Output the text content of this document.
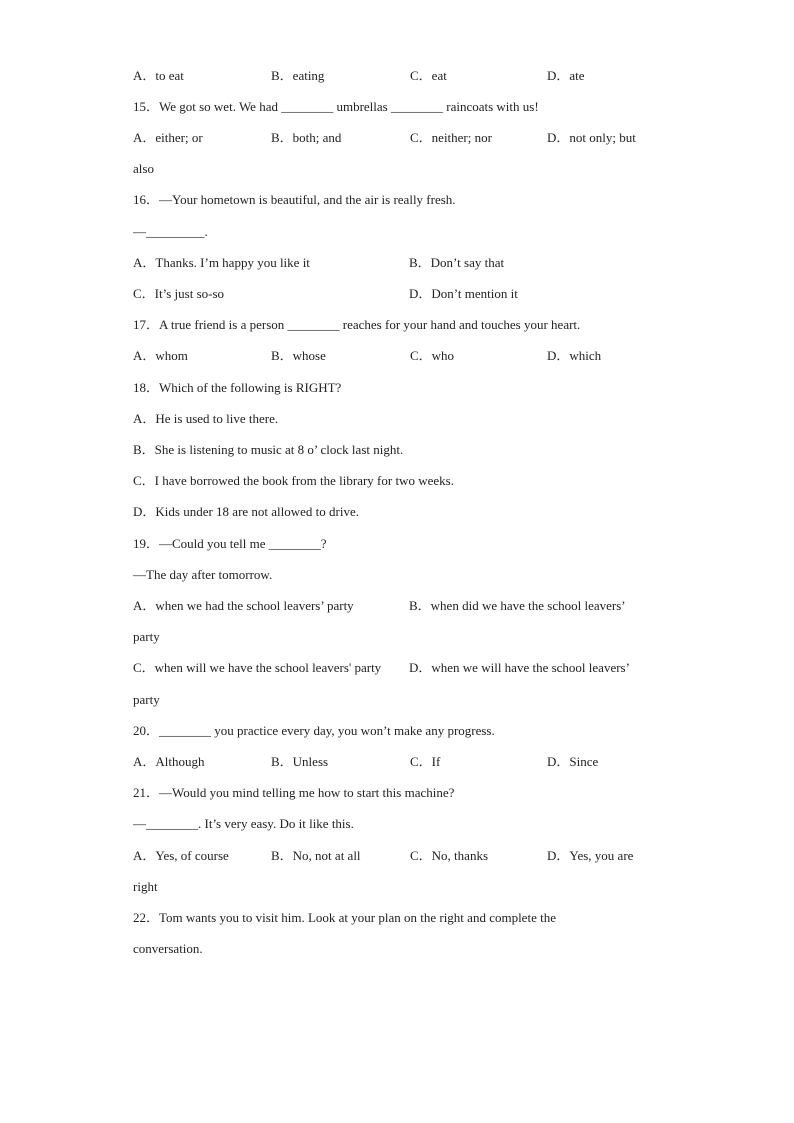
A．to eat	B．eating	C．eat	D．ate
15．We got so wet. We had ________ umbrellas ________ raincoats with us!
A．either; or	B．both; and	C．neither; nor	D．not only; but
also
16．—Your hometown is beautiful, and the air is really fresh.
—_________.
A．Thanks. I’m happy you like it	B．Don’t say that
C．It’s just so-so	D．Don’t mention it
17．A true friend is a person ________ reaches for your hand and touches your heart.
A．whom	B．whose	C．who	D．which
18．Which of the following is RIGHT?
A．He is used to live there.
B．She is listening to music at 8 o’ clock last night.
C．I have borrowed the book from the library for two weeks.
D．Kids under 18 are not allowed to drive.
19．—Could you tell me ________?
—The day after tomorrow.
A．when we had the school leavers’ party	B．when did we have the school leavers’
party
C．when will we have the school leavers' party D．when we will have the school leavers’
party
20．________ you practice every day, you won’t make any progress.
A．Although	B．Unless	C．If	D．Since
21．—Would you mind telling me how to start this machine?
—________. It’s very easy. Do it like this.
A．Yes, of course	B．No, not at all	C．No, thanks	D．Yes, you are
right
22．Tom wants you to visit him. Look at your plan on the right and complete the
conversation.
